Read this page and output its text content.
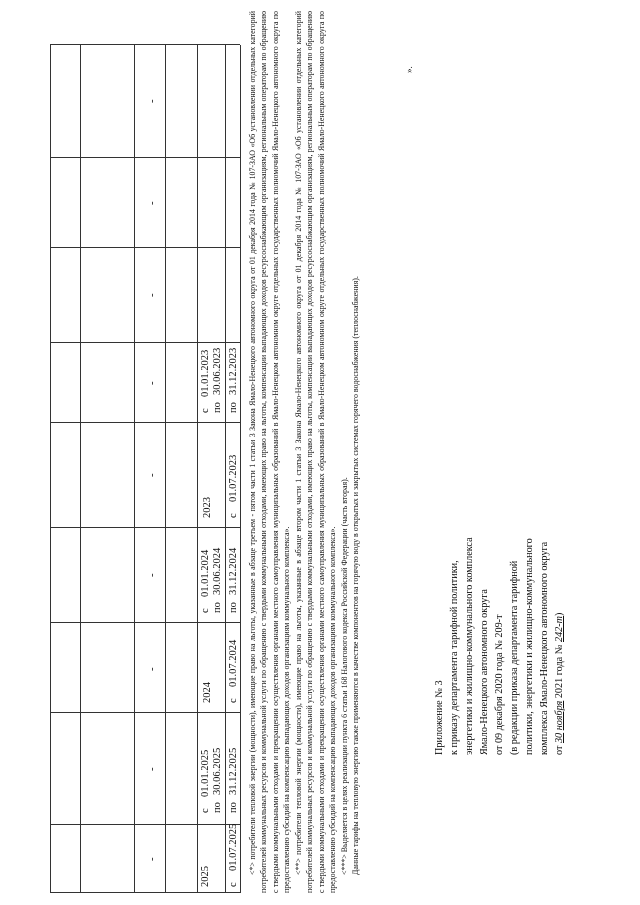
2025
с
01.01.2025
по
30.06.2025
с
01.07.2025
по
31.12.2025
2024
с
01.01.2024
по
30.06.2024
с
01.07.2024
по
31.12.2024
2023
с
01.01.2023
по
30.06.2023
с
01.07.2023
по
31.12.2023
-
-
-
-
-
-
-
-
-	<*> потребители тепловой энергии (мощности), имеющие право на льготы, указанные в абзаце третьем - пятом части 1 статьи 3 Закона Ямало-Ненецкого автономного округа от 01 декабря 2014 года № 107-ЗАО «Об установлении отдельных категорий потребителей коммунальных ресурсов и коммунальной услуги по обращению с твердыми коммунальными отходами, имеющих право на льготы, компенсации выпадающих доходов ресурсоснабжающим организациям, региональным операторам по обращению с твердыми коммунальными отходами и прекращении осуществления органами местного самоуправления муниципальных образований в Ямало-Ненецком автономном округе отдельных государственных полномочий Ямало-Ненецкого автономного округа по предоставлению субсидий на компенсацию выпадающих доходов организациям коммунального комплекса». <**> потребители тепловой энергии (мощности), имеющие право на льготы, указанные в абзаце втором части 1 статьи 3 Закона Ямало-Ненецкого автономного округа от 01 декабря 2014 года № 107-ЗАО «Об установлении отдельных категорий потребителей коммунальных ресурсов и коммунальной услуги по обращению с твердыми коммунальными отходами, имеющих право на льготы, компенсации выпадающих доходов ресурсоснабжающим организациям, региональным операторам по обращению с твердыми коммунальными отходами и прекращении осуществления органами местного самоуправления муниципальных образований в Ямало-Ненецком автономном округе отдельных государственных полномочий Ямало-Ненецкого автономного округа по предоставлению субсидий на компенсацию выпадающих доходов организациям коммунального комплекса». <***> Выделяется в целях реализации пункта 6 статьи 168 Налогового кодекса Российской Федерации (часть вторая). Данные тарифы на тепловую энергию также применяются в качестве компонентов на горячую воду в открытых и закрытых системах горячего водоснабжения (теплоснабжения).

».
Приложение № 3 к приказу департамента тарифной политики, энергетики и жилищно-коммунального комплекса Ямало-Ненецкого автономного округа от 09 декабря 2020 года № 209-т (в редакции приказа департамента тарифной политики, энергетики и жилищно-коммунального комплекса Ямало-Ненецкого автономного округа от 30 ноября 2021 года № 242-т)
